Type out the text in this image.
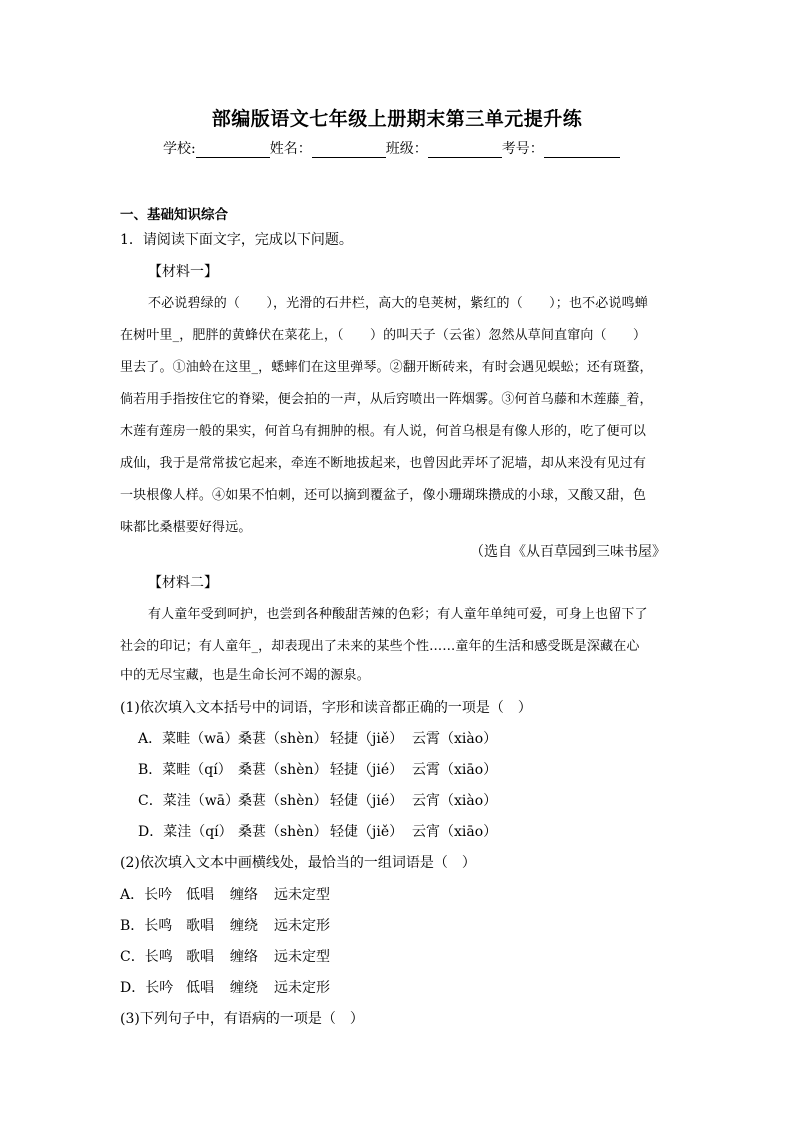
部编版语文七年级上册期末第三单元提升练
学校:	姓名：	班级：	考号：
一、基础知识综合
1．请阅读下面文字，完成以下问题。
【材料一】
不必说碧绿的（　　），光滑的石井栏，高大的皂荚树，紫红的（　　）；也不必说鸣蝉
在树叶里_，肥胖的黄蜂伏在菜花上，（　　）的叫天子（云雀）忽然从草间直窜向（　　）
里去了。①油蛉在这里_，蟋蟀们在这里弹琴。②翻开断砖来，有时会遇见蜈蚣；还有斑蝥，
倘若用手指按住它的脊梁，便会拍的一声，从后窍喷出一阵烟雾。③何首乌藤和木莲藤_着，
木莲有莲房一般的果实，何首乌有拥肿的根。有人说，何首乌根是有像人形的，吃了便可以
成仙，我于是常常拔它起来，牵连不断地拔起来，也曾因此弄坏了泥墙，却从来没有见过有
一块根像人样。④如果不怕刺，还可以摘到覆盆子，像小珊瑚珠攒成的小球，又酸又甜，色
味都比桑椹要好得远。
（选自《从百草园到三味书屋》
【材料二】
有人童年受到呵护，也尝到各种酸甜苦辣的色彩；有人童年单纯可爱，可身上也留下了
社会的印记；有人童年_，却表现出了未来的某些个性……童年的生活和感受既是深藏在心
中的无尽宝藏，也是生命长河不竭的源泉。
(1)依次填入文本括号中的词语，字形和读音都正确的一项是（　）
A．菜畦（wā）桑葚（shèn） 轻捷（jiě） 云霄（xiào）
B．菜畦（qí） 桑葚（shèn） 轻捷（jié） 云霄（xiāo）
C．菜洼（wā）桑葚（shèn） 轻倢（jié） 云宵（xiào）
D．菜洼（qí） 桑葚（shèn） 轻倢（jiě） 云宵（xiāo）
(2)依次填入文本中画横线处，最恰当的一组词语是（　）
A．长吟 低唱 缠络 远未定型
B．长鸣 歌唱 缠绕 远未定形
C．长鸣 歌唱 缠络 远未定型
D．长吟 低唱 缠绕 远未定形
(3)下列句子中，有语病的一项是（　）
